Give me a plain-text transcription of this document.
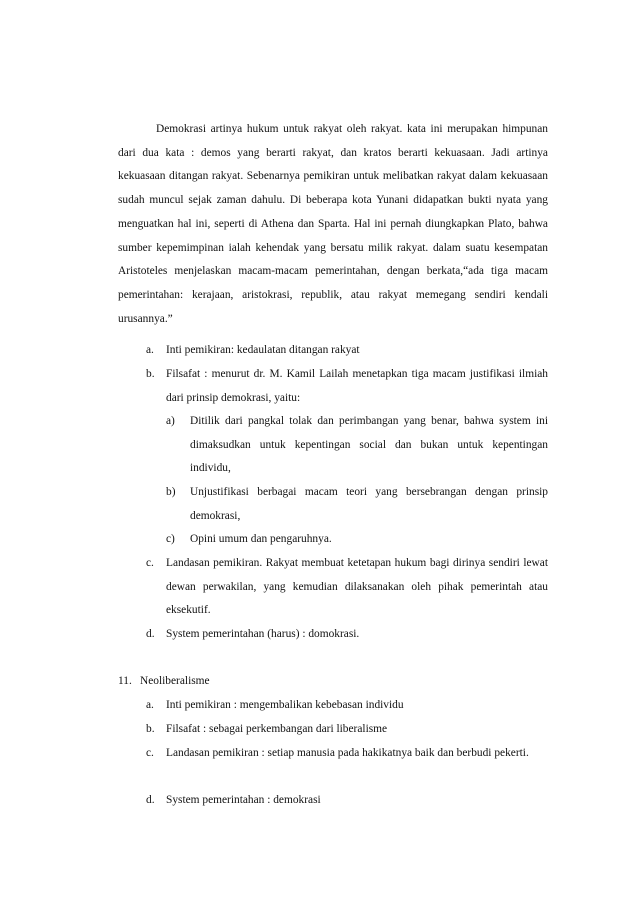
Demokrasi artinya hukum untuk rakyat oleh rakyat. kata ini merupakan himpunan dari dua kata : demos yang berarti rakyat, dan kratos berarti kekuasaan. Jadi artinya kekuasaan ditangan rakyat. Sebenarnya pemikiran untuk melibatkan rakyat dalam kekuasaan sudah muncul sejak zaman dahulu. Di beberapa kota Yunani didapatkan bukti nyata yang menguatkan hal ini, seperti di Athena dan Sparta. Hal ini pernah diungkapkan Plato, bahwa sumber kepemimpinan ialah kehendak yang bersatu milik rakyat. dalam suatu kesempatan Aristoteles menjelaskan macam-macam pemerintahan, dengan berkata,“ada tiga macam pemerintahan: kerajaan, aristokrasi, republik, atau rakyat memegang sendiri kendali urusannya.”

a. Inti pemikiran: kedaulatan ditangan rakyat

b. Filsafat : menurut dr. M. Kamil Lailah menetapkan tiga macam justifikasi ilmiah dari prinsip demokrasi, yaitu:

a) Ditilik dari pangkal tolak dan perimbangan yang benar, bahwa system ini dimaksudkan untuk kepentingan social dan bukan untuk kepentingan individu,

b) Unjustifikasi berbagai macam teori yang bersebrangan dengan prinsip demokrasi,

c) Opini umum dan pengaruhnya.

c. Landasan pemikiran. Rakyat membuat ketetapan hukum bagi dirinya sendiri lewat dewan perwakilan, yang kemudian dilaksanakan oleh pihak pemerintah atau eksekutif.

d. System pemerintahan (harus) : domokrasi.

11. Neoliberalisme
a. Inti pemikiran : mengembalikan kebebasan individu

b. Filsafat : sebagai perkembangan dari liberalisme

c. Landasan pemikiran : setiap manusia pada hakikatnya baik dan berbudi pekerti.

d. System pemerintahan : demokrasi
